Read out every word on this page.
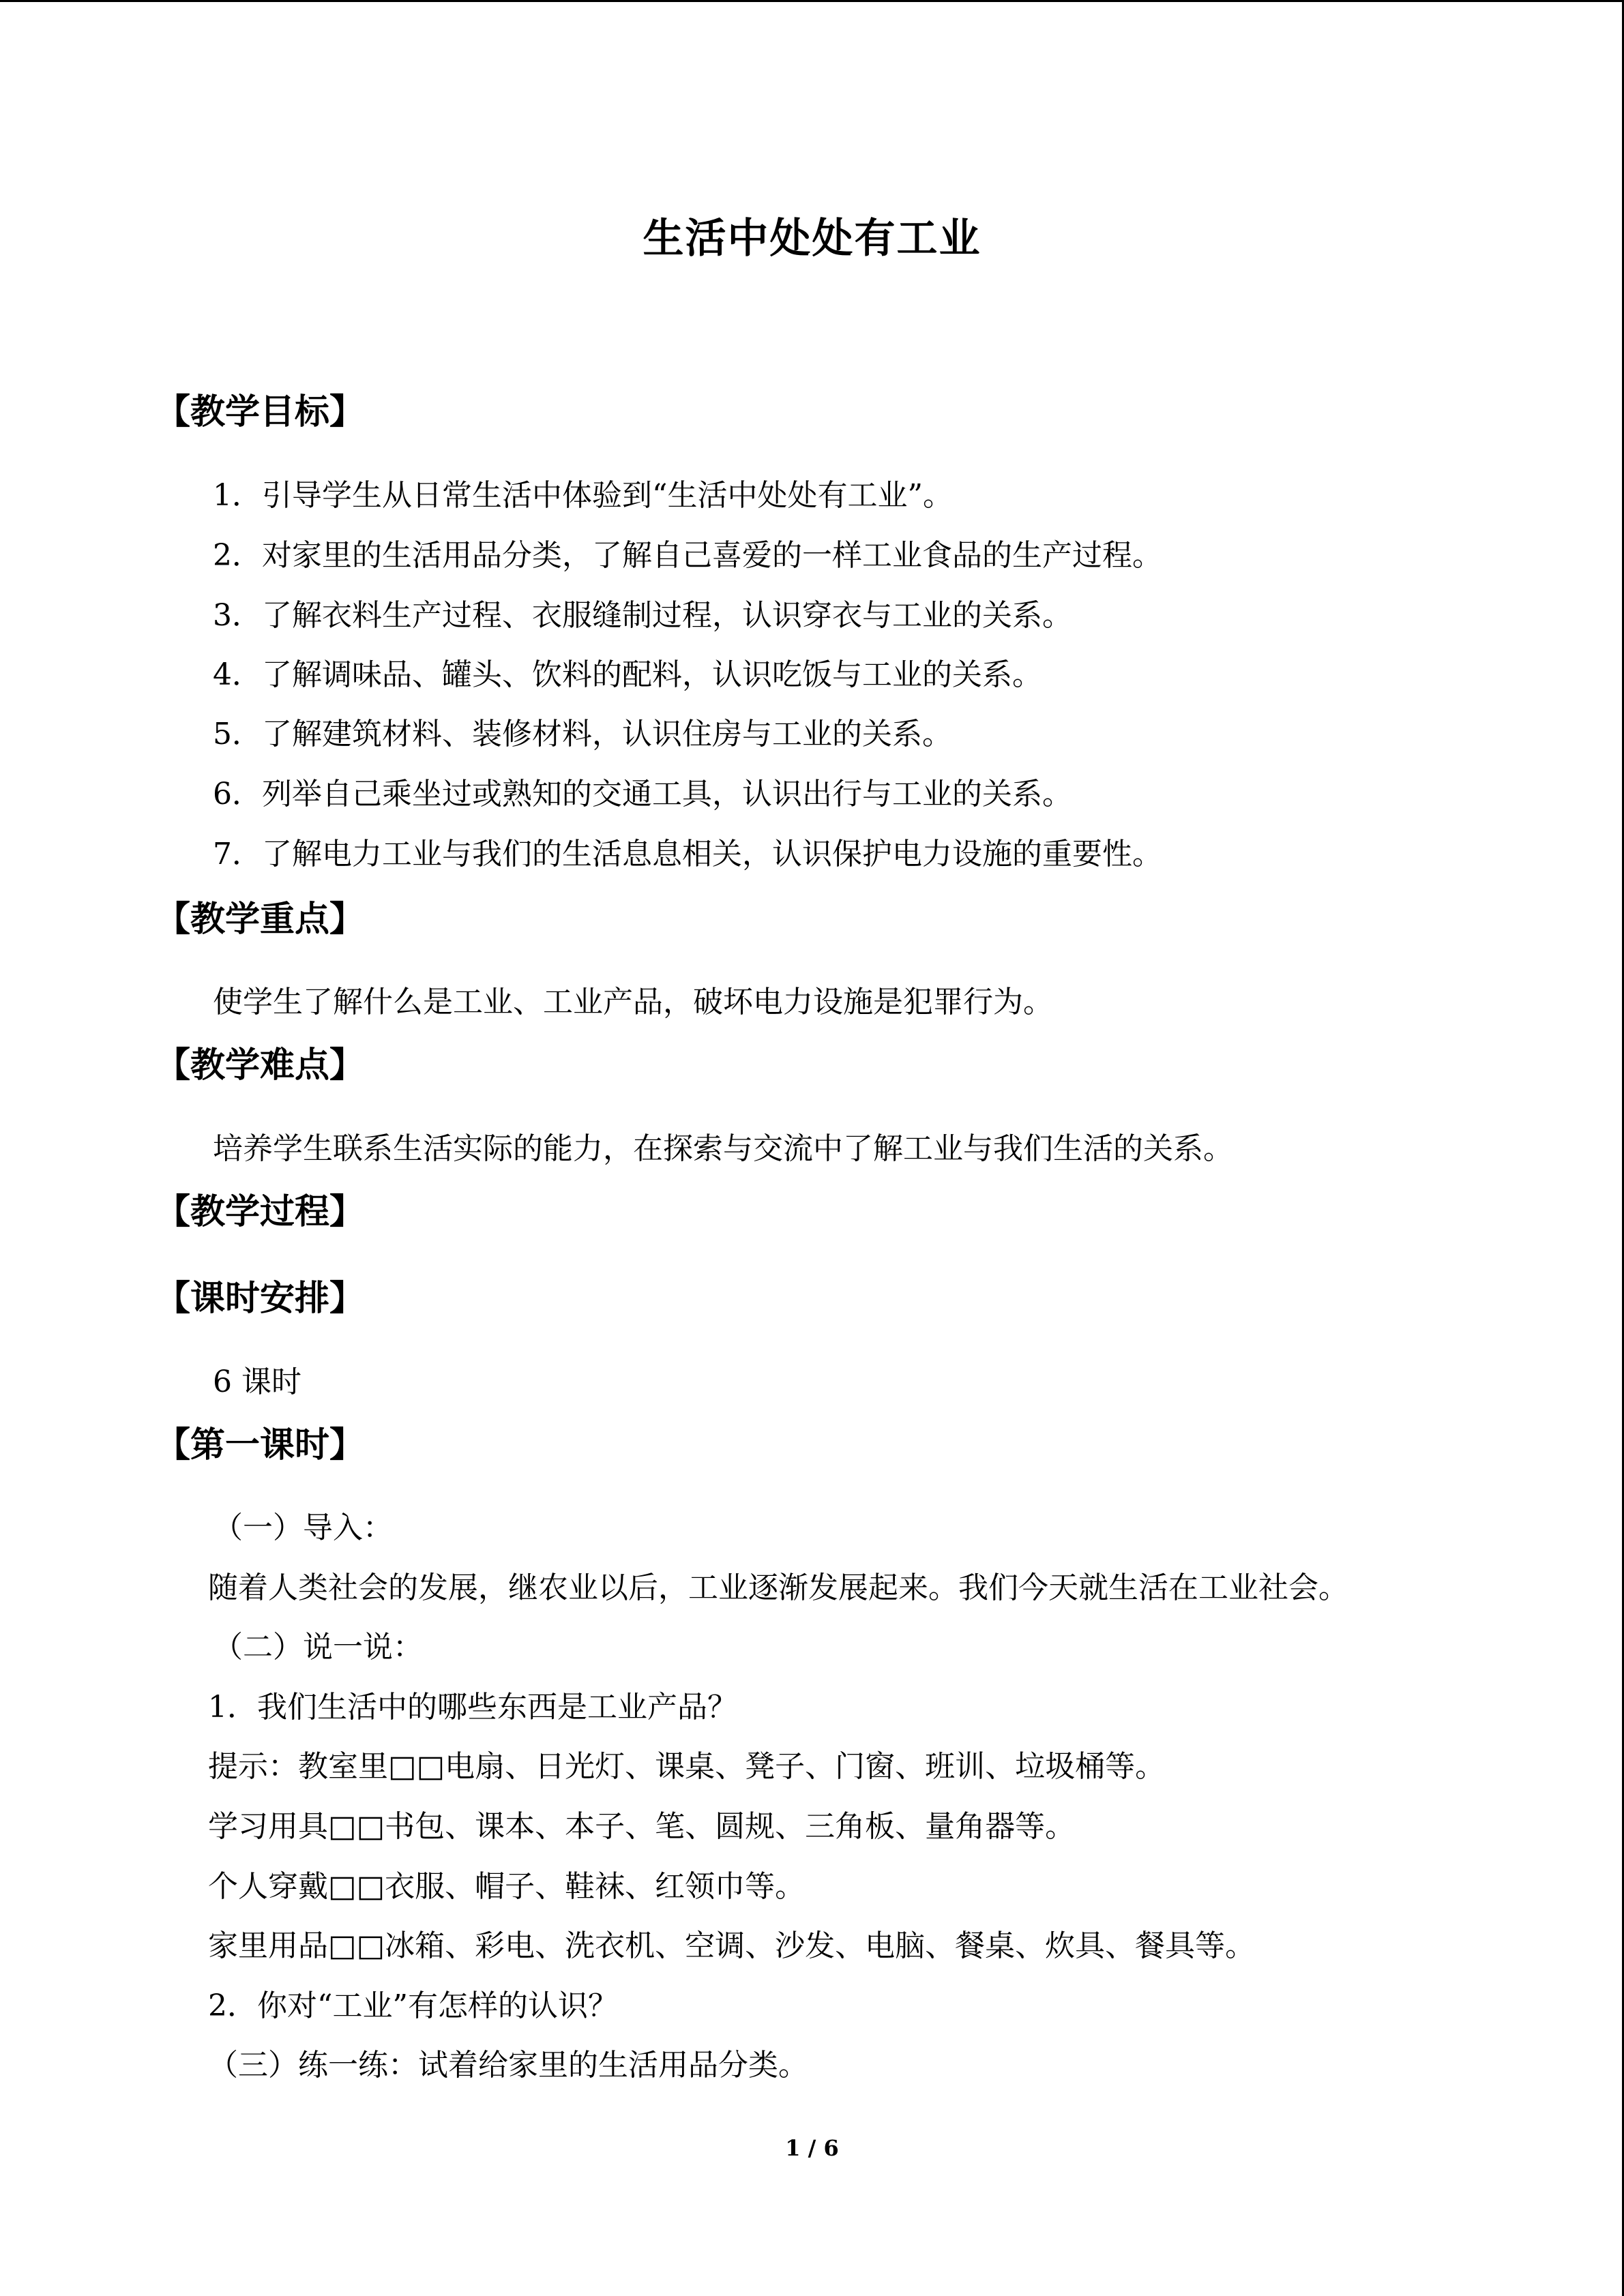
生活中处处有工业
【教学目标】
1．引导学生从日常生活中体验到“生活中处处有工业”。
2．对家里的生活用品分类，了解自己喜爱的一样工业食品的生产过程。
3．了解衣料生产过程、衣服缝制过程，认识穿衣与工业的关系。
4．了解调味品、罐头、饮料的配料，认识吃饭与工业的关系。
5．了解建筑材料、装修材料，认识住房与工业的关系。
6．列举自己乘坐过或熟知的交通工具，认识出行与工业的关系。
7．了解电力工业与我们的生活息息相关，认识保护电力设施的重要性。
【教学重点】
使学生了解什么是工业、工业产品，破坏电力设施是犯罪行为。
【教学难点】
培养学生联系生活实际的能力，在探索与交流中了解工业与我们生活的关系。
【教学过程】
【课时安排】
6 课时
【第一课时】
（一）导入：
随着人类社会的发展，继农业以后，工业逐渐发展起来。我们今天就生活在工业社会。
（二）说一说：
1．我们生活中的哪些东西是工业产品？
提示：教室里□□电扇、日光灯、课桌、凳子、门窗、班训、垃圾桶等。
学习用具□□书包、课本、本子、笔、圆规、三角板、量角器等。
个人穿戴□□衣服、帽子、鞋袜、红领巾等。
家里用品□□冰箱、彩电、洗衣机、空调、沙发、电脑、餐桌、炊具、餐具等。
2．你对“工业”有怎样的认识？
（三）练一练：试着给家里的生活用品分类。
1 / 6
